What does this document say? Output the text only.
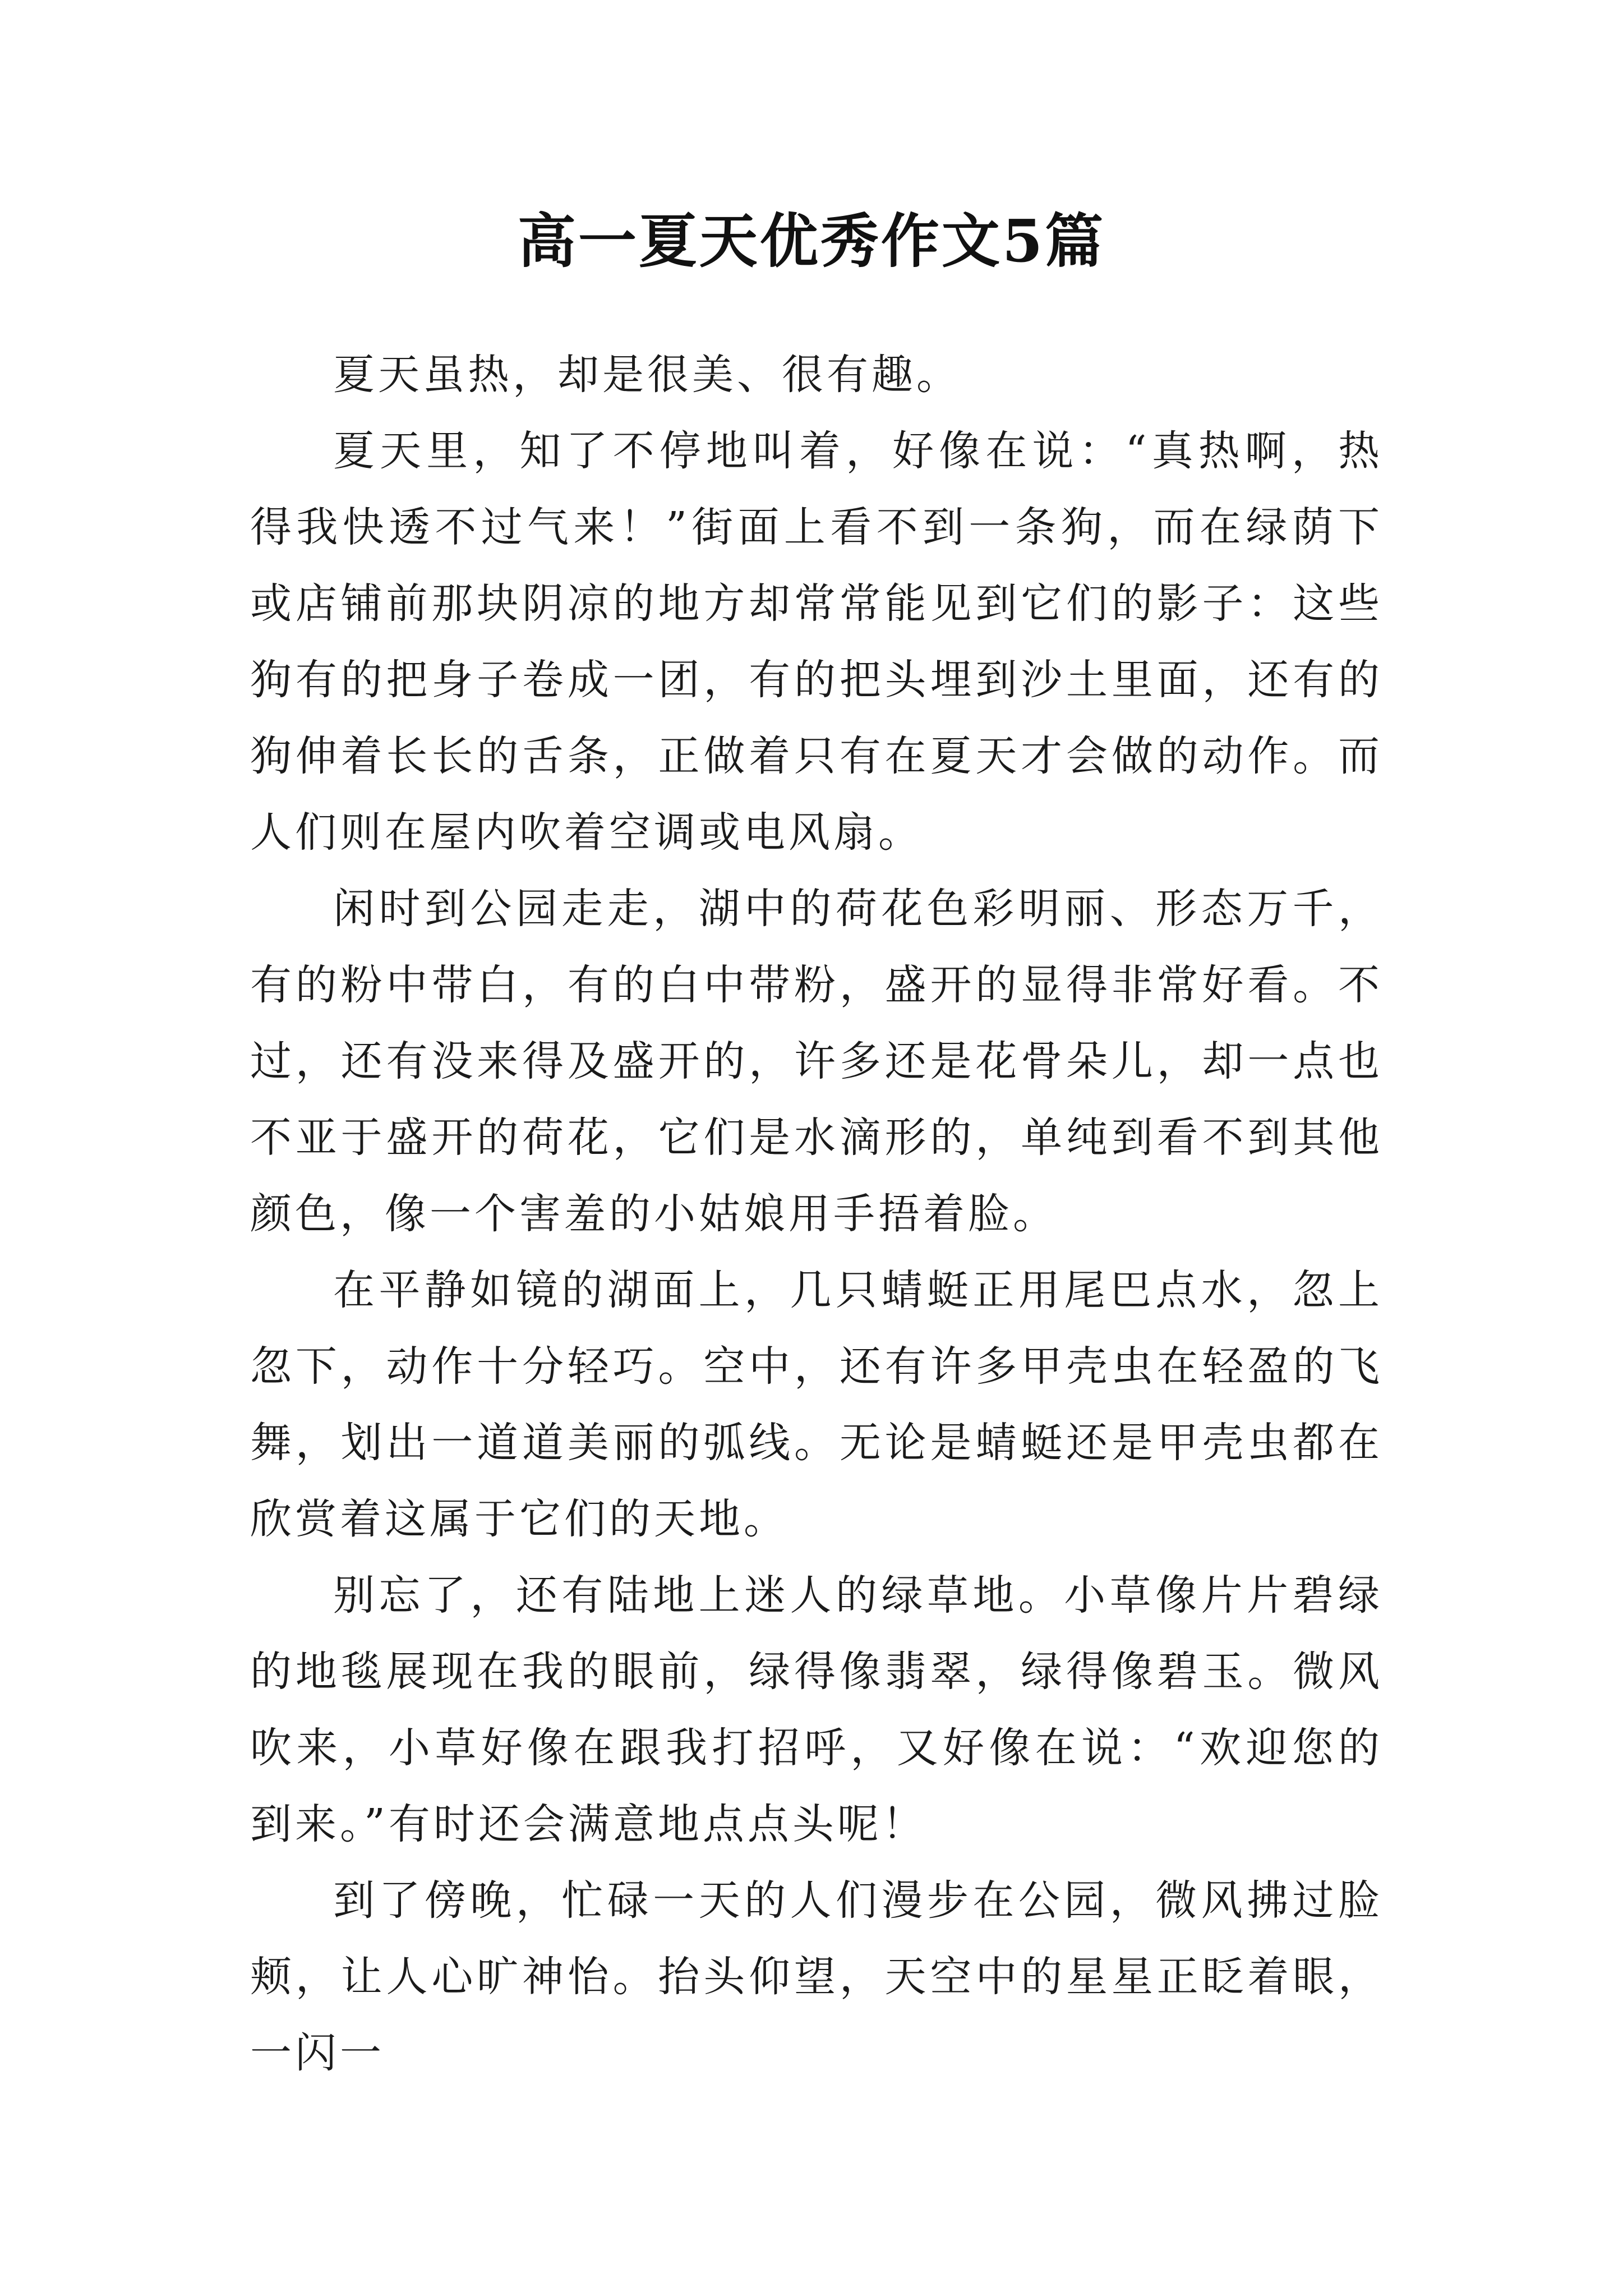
高一夏天优秀作文5篇

夏天虽热，却是很美、很有趣。

夏天里，知了不停地叫着，好像在说：“真热啊，热得我快透不过气来！”街面上看不到一条狗，而在绿荫下或店铺前那块阴凉的地方却常常能见到它们的影子：这些狗有的把身子卷成一团，有的把头埋到沙土里面，还有的狗伸着长长的舌条，正做着只有在夏天才会做的动作。而人们则在屋内吹着空调或电风扇。

闲时到公园走走，湖中的荷花色彩明丽、形态万千，有的粉中带白，有的白中带粉，盛开的显得非常好看。不过，还有没来得及盛开的，许多还是花骨朵儿，却一点也不亚于盛开的荷花，它们是水滴形的，单纯到看不到其他颜色，像一个害羞的小姑娘用手捂着脸。

在平静如镜的湖面上，几只蜻蜓正用尾巴点水，忽上忽下，动作十分轻巧。空中，还有许多甲壳虫在轻盈的飞舞，划出一道道美丽的弧线。无论是蜻蜓还是甲壳虫都在欣赏着这属于它们的天地。

别忘了，还有陆地上迷人的绿草地。小草像片片碧绿的地毯展现在我的眼前，绿得像翡翠，绿得像碧玉。微风吹来，小草好像在跟我打招呼，又好像在说：“欢迎您的到来。”有时还会满意地点点头呢！

到了傍晚，忙碌一天的人们漫步在公园，微风拂过脸颊，让人心旷神怡。抬头仰望，天空中的星星正眨着眼，一闪一
